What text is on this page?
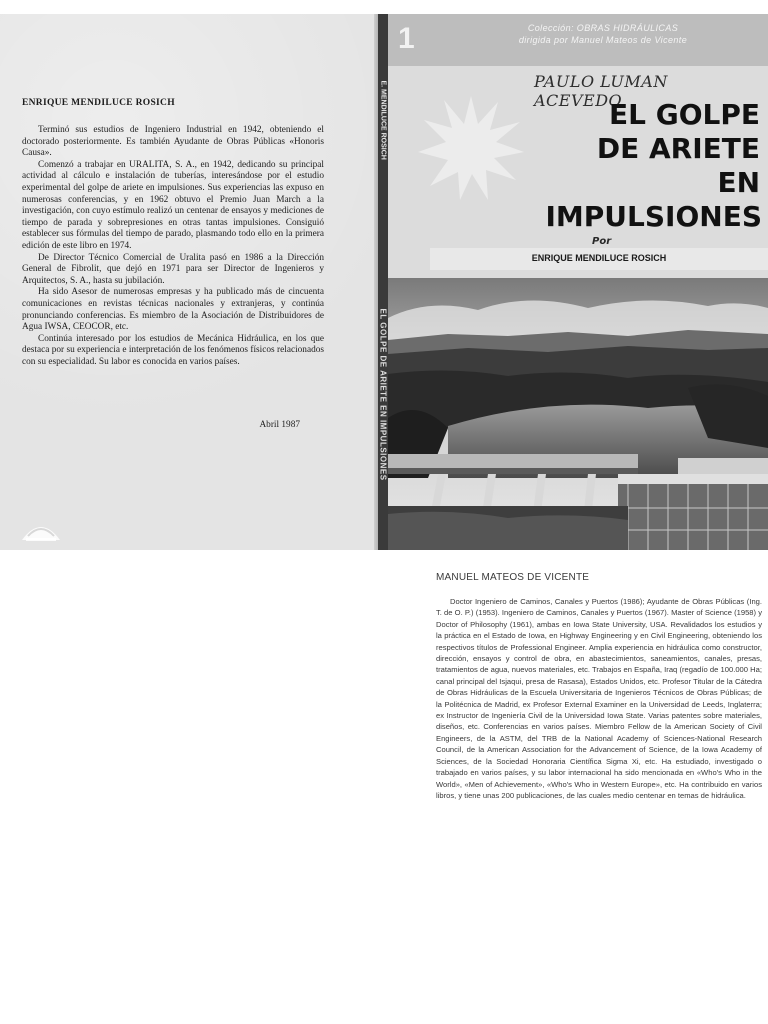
ENRIQUE MENDILUCE ROSICH

Terminó sus estudios de Ingeniero Industrial en 1942, obteniendo el doctorado posteriormente. Es también Ayudante de Obras Públicas «Honoris Causa».

Comenzó a trabajar en URALITA, S. A., en 1942, dedicando su principal actividad al cálculo e instalación de tuberías, interesándose por el estudio experimental del golpe de ariete en impulsiones. Sus experiencias las expuso en numerosas conferencias, y en 1962 obtuvo el Premio Juan March a la investigación, con cuyo estímulo realizó un centenar de ensayos y mediciones de tiempo de parada y sobrepresiones en otras tantas impulsiones. Consiguió establecer sus fórmulas del tiempo de parado, plasmando todo ello en la primera edición de este libro en 1974.

De Director Técnico Comercial de Uralita pasó en 1986 a la Dirección General de Fibrolit, que dejó en 1971 para ser Director de Ingenieros y Arquitectos, S. A., hasta su jubilación.

Ha sido Asesor de numerosas empresas y ha publicado más de cincuenta comunicaciones en revistas técnicas nacionales y extranjeras, y continúa pronunciando conferencias. Es miembro de la Asociación de Distribuidores de Agua IWSA, CEOCOR, etc.

Continúa interesado por los estudios de Mecánica Hidráulica, en los que destaca por su experiencia e interpretación de los fenómenos físicos relacionados con su especialidad. Su labor es conocida en varios países.

Abril 1987
E. MENDILUCE ROSICH
EL GOLPE DE ARIETE EN IMPULSIONES
1	Colección: OBRAS HIDRÁULICAS
dirigida por Manuel Mateos de Vicente
PAULO LUMAN ACEVEDO
EL GOLPE
DE ARIETE
EN
IMPULSIONES
Por
ENRIQUE MENDILUCE ROSICH
MANUEL MATEOS DE VICENTE

Doctor Ingeniero de Caminos, Canales y Puertos (1986); Ayudante de Obras Públicas (Ing. T. de O. P.) (1953). Ingeniero de Caminos, Canales y Puertos (1967). Master of Science (1958) y Doctor of Philosophy (1961), ambas en Iowa State University, USA. Revalidados los estudios y la práctica en el Estado de Iowa, en Highway Engineering y en Civil Engineering, obteniendo los respectivos títulos de Professional Engineer. Amplia experiencia en hidráulica como constructor, dirección, ensayos y control de obra, en abastecimientos, saneamientos, canales, presas, tratamientos de agua, nuevos materiales, etc. Trabajos en España, Iraq (regadío de 100.000 Ha; canal principal del Isjaqui, presa de Rasasa), Estados Unidos, etc. Profesor Titular de la Cátedra de Obras Hidráulicas de la Escuela Universitaria de Ingenieros Técnicos de Obras Públicas; de la Politécnica de Madrid, ex Profesor External Examiner en la Universidad de Leeds, Inglaterra; ex Instructor de Ingeniería Civil de la Universidad Iowa State. Varias patentes sobre materiales, diseños, etc. Conferencias en varios países. Miembro Fellow de la American Society of Civil Engineers, de la ASTM, del TRB de la National Academy of Sciences-National Research Council, de la American Association for the Advancement of Science, de la Iowa Academy of Sciences, de la Sociedad Honoraria Científica Sigma Xi, etc. Ha estudiado, investigado o trabajado en varios países, y su labor internacional ha sido mencionada en «Who's Who in the World», «Men of Achievement», «Who's Who in Western Europe», etc. Ha contribuido en varios libros, y tiene unas 200 publicaciones, de las cuales medio centenar en temas de hidráulica.
